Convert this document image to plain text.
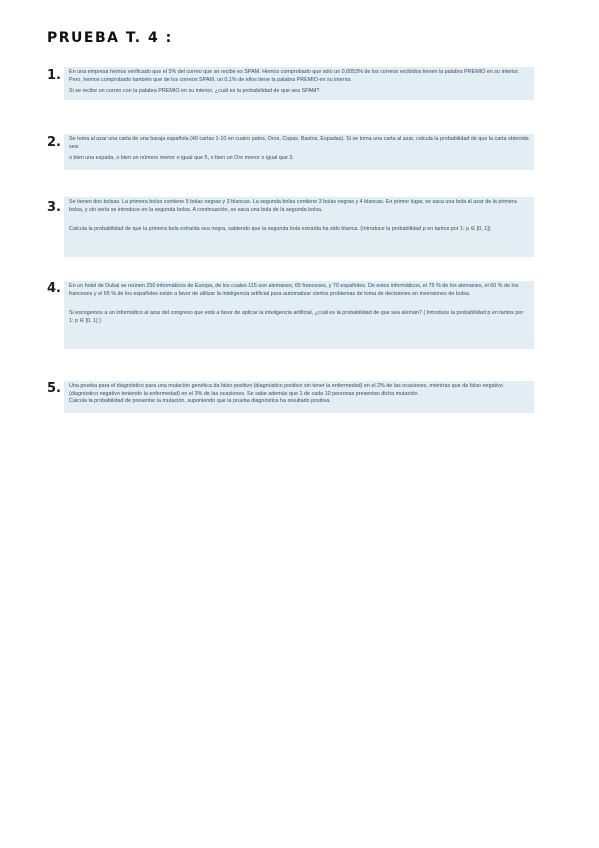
PRUEBA T. 4 :
1. En una empresa hemos verificado que el 5% del correo que se recibe es SPAM. Hemos comprobado que sólo un 0,0053% de los correos recibidos tienen la palabra PREMIO en su interior. Pero, hemos comprobado también que de los correos SPAM, un 0,1% de ellos tiene la palabra PREMIO en su interior.

Si se recibe un correo con la palabra PREMIO en su interior, ¿cuál es la probabilidad de que sea SPAM?

2. Se toma al azar una carta de una baraja española (40 cartas 1-10 en cuatro palos, Oros, Copas, Bastos, Espadas). Si se toma una carta al azar, calcula la probabilidad de que la carta obtenida sea:

o bien una espada, o bien un número menor o igual que 5, o bien un Oro menor o igual que 3.

3. Se tienen dos bolsas. La primera bolsa contiene 5 bolas negras y 3 blancas. La segunda bolsa contiene 3 bolas negras y 4 blancas. En primer lugar, se saca una bola al azar de la primera bolsa, y sin verla se introduce en la segunda bolsa. A continuación, se saca una bola de la segunda bolsa.

Calcula la probabilidad de que la primera bola extraída sea negra, sabiendo que la segunda bola extraída ha sido blanca. (Introduce la probabilidad p en tantos por 1: p ∈ [0, 1])

4. En un hotel de Dubai se reúnen 250 informáticos de Europa, de los cuales 115 son alemanes; 65 franceses, y 70 españoles. De estos informáticos, el 75 % de los alemanes, el 60 % de los franceses y el 65 % de los españoles están a favor de utilizar la inteligencia artificial para automatizar ciertos problemas de toma de decisiones en inversiones de bolsa.

Si escogemos a un informático al azar del congreso que está a favor de aplicar la inteligencia artificial, ¿cuál es la probabilidad de que sea alemán? ( Introduce la probabilidad p en tantos por 1: p ∈ [0, 1] )

5. Una prueba para el diagnóstico para una mutación genética da falso positivo (diagnóstico positivo sin tener la enfermedad) en el 2% de las ocasiones, mientras que da falso negativo (diagnóstico negativo teniendo la enfermedad) en el 3% de las ocasiones. Se sabe además que 1 de cada 10 personas presentan dicha mutación.

Calcula la probabilidad de presentar la mutación, suponiendo que la prueba diagnóstica ha resultado positiva.
